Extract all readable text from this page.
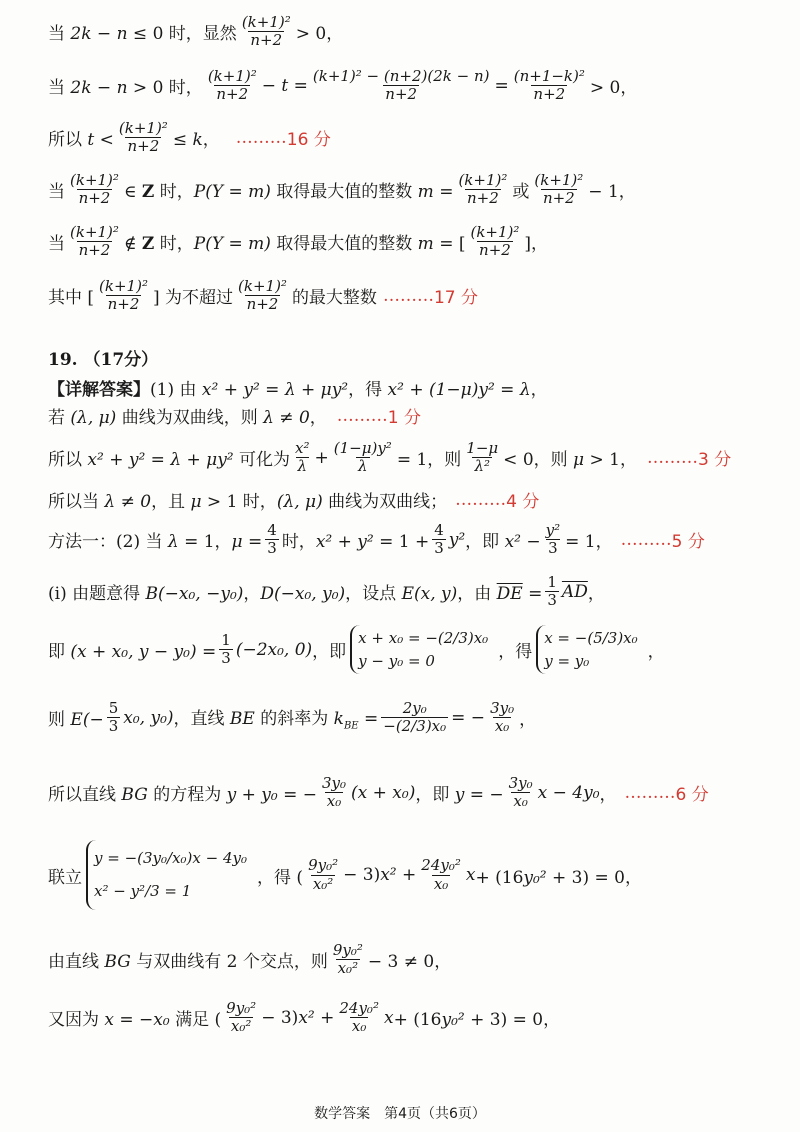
当 2k − n ≤ 0 时，显然 $\frac{\text{(k+1)²}}{n+2} > 0$，
当 2k − n > 0 时， $\frac{\text{(k+1)²}}{n+2} - t = \frac{\text{(k+1)² − (n+2)(2k − n)}}{n+2} = \frac{\text{(n+1−k)²}}{n+2} > 0$，
所以 $t < \frac{\text{(k+1)²}}{n+2} \le k$， ……… 16 分
当 $\frac{\text{(k+1)²}}{n+2}$ ∈ Z 时，P(Y = m) 取得最大值的整数 $m = \frac{\text{(k+1)²}}{n+2}$ 或 $\frac{\text{(k+1)²}}{n+2} - 1$，
当 $\frac{\text{(k+1)²}}{n+2}$ ∉ Z 时，P(Y = m) 取得最大值的整数 m = [ $\frac{\text{(k+1)²}}{n+2}$ ]，
其中 [ $\frac{\text{(k+1)²}}{n+2}$ ] 为不超过 $\frac{\text{(k+1)²}}{n+2}$ 的最大整数 ……… 17 分
19. （17分）
【详解答案】(1) 由 x² + y² = λ + μy²，得 x² + (1−μ)y² = λ，
若 (λ, μ) 曲线为双曲线，则 λ ≠ 0， ……… 1 分
所以 x² + y² = λ + μy² 可化为 $\frac{\text{x²}}{\lambda} + \frac{\text{(1−μ)y²}}{\lambda} = 1$，则 $\frac{1-\mu}{\text{λ²}} < 0$，则 μ > 1， ……… 3 分
所以当 λ ≠ 0，且 μ > 1 时，(λ, μ) 曲线为双曲线； ……… 4 分
方法一：(2) 当 λ = 1，$\mu = \frac{4}{3}$ 时，$x^2 + y^2 = 1 + \frac{4}{3} y^2$ ，即 $x^2 - \frac{\text{y²}}{3} = 1$， ……… 5 分
(i) 由题意得 B(−x₀, −y₀)，D(−x₀, y₀)，设点 E(x, y)，由 $\overline{DE} = \frac{1}{3} \overline{AD}$ ，
即 (x + x₀, $y - y_0) = \frac{1}{3} (-2x_0$, 0) ，即
x + x₀ = −(2/3)x₀
y − y₀ = 0	，得
x = −(5/3)x₀
y = y₀	，
则 $E(- \frac{5}{3} x_0$, y₀) ，直线 BE 的斜率为 $k_{BE} = \frac{\text{2y₀}}{\text{−(2/3)x₀}}$ = − $\frac{\text{3y₀}}{\text{x₀}}$ ，
所以直线 BG 的方程为 y + y₀ = − $\frac{\text{3y₀}}{\text{x₀}} (x + x_0)$ ，即 y = − $\frac{\text{3y₀}}{\text{x₀}}$ x − 4y₀ ， ……… 6 分
联立
y = −(3y₀/x₀)x − 4y₀
x² − y²/3 = 1
，得 ( $\frac{\text{9y₀²}}{\text{x₀²}} - 3)x^2 + \frac{\text{24y₀²}}{\text{x₀}}$ x + (16y₀² + 3) = 0，
由直线 BG 与双曲线有 2 个交点，则 $\frac{\text{9y₀²}}{\text{x₀²}} - 3 \ne 0$，
又因为 x = −x₀ 满足 ( $\frac{\text{9y₀²}}{\text{x₀²}} - 3)x^2 + \frac{\text{24y₀²}}{\text{x₀}}$ x + (16y₀² + 3) = 0，
数学答案　第4页（共6页）
